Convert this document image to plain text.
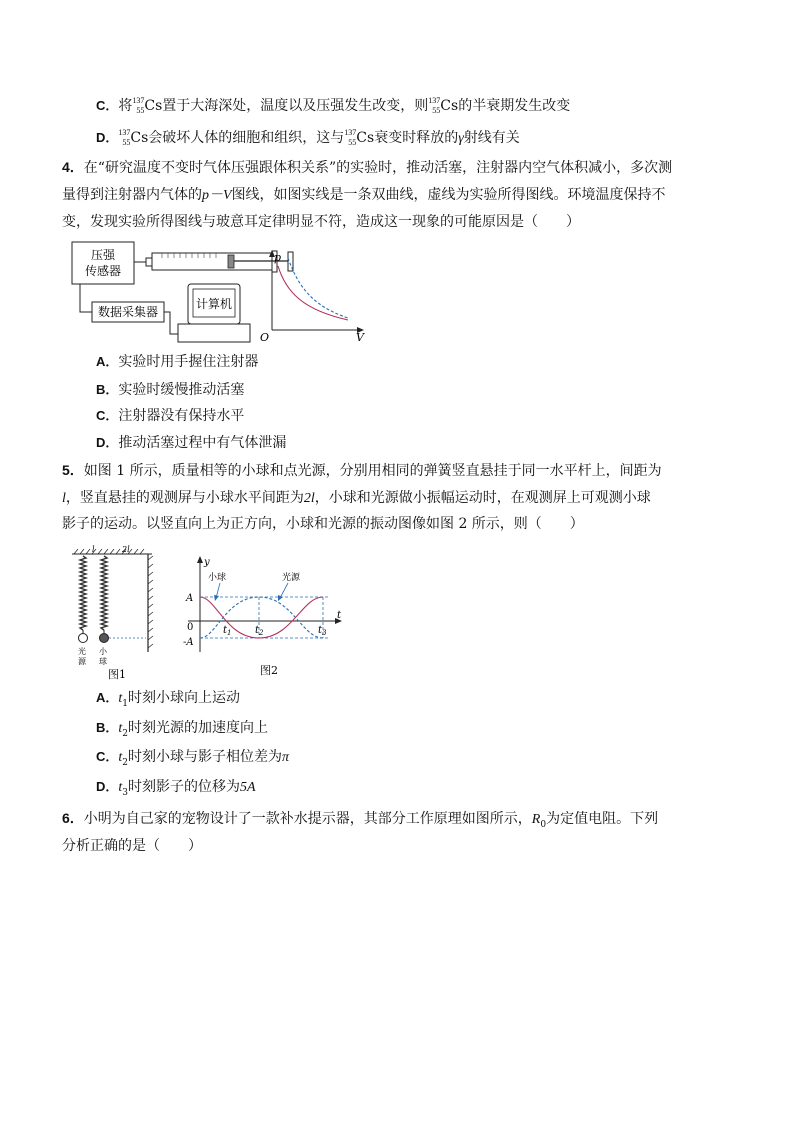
C．将 137
55 Cs置于大海深处，温度以及压强发生改变，则 137
55 Cs的半衰期发生改变
D． 137
55 Cs会破坏人体的细胞和组织，这与 137
55 Cs衰变时释放的γ射线有关
4．在“研究温度不变时气体压强跟体积关系”的实验时，推动活塞，注射器内空气体积减小，多次测
量得到注射器内气体的p－V图线，如图实线是一条双曲线，虚线为实验所得图线。环境温度保持不
变，发现实验所得图线与玻意耳定律明显不符，造成这一现象的可能原因是（　　）
压强
传感器
数据采集器
计算机
p
V
O
A．实验时用手握住注射器
B．实验时缓慢推动活塞
C．注射器没有保持水平
D．推动活塞过程中有气体泄漏
5．如图 1 所示，质量相等的小球和点光源，分别用相同的弹簧竖直悬挂于同一水平杆上，间距为
l，竖直悬挂的观测屏与小球水平间距为2l，小球和光源做小振幅运动时，在观测屏上可观测小球
影子的运动。以竖直向上为正方向，小球和光源的振动图像如图 2 所示，则（　　）
l	2l
光
源
小
球
图1
y
t
A
0
-A
小球	光源
$t_1$ $t_2$	$t_3$
图2
A．$t_1$时刻小球向上运动
B．$t_2$时刻光源的加速度向上
C．$t_2$时刻小球与影子相位差为π
D．$t_3$时刻影子的位移为5A
6．小明为自己家的宠物设计了一款补水提示器，其部分工作原理如图所示，$R_0$为定值电阻。下列
分析正确的是（　　）
